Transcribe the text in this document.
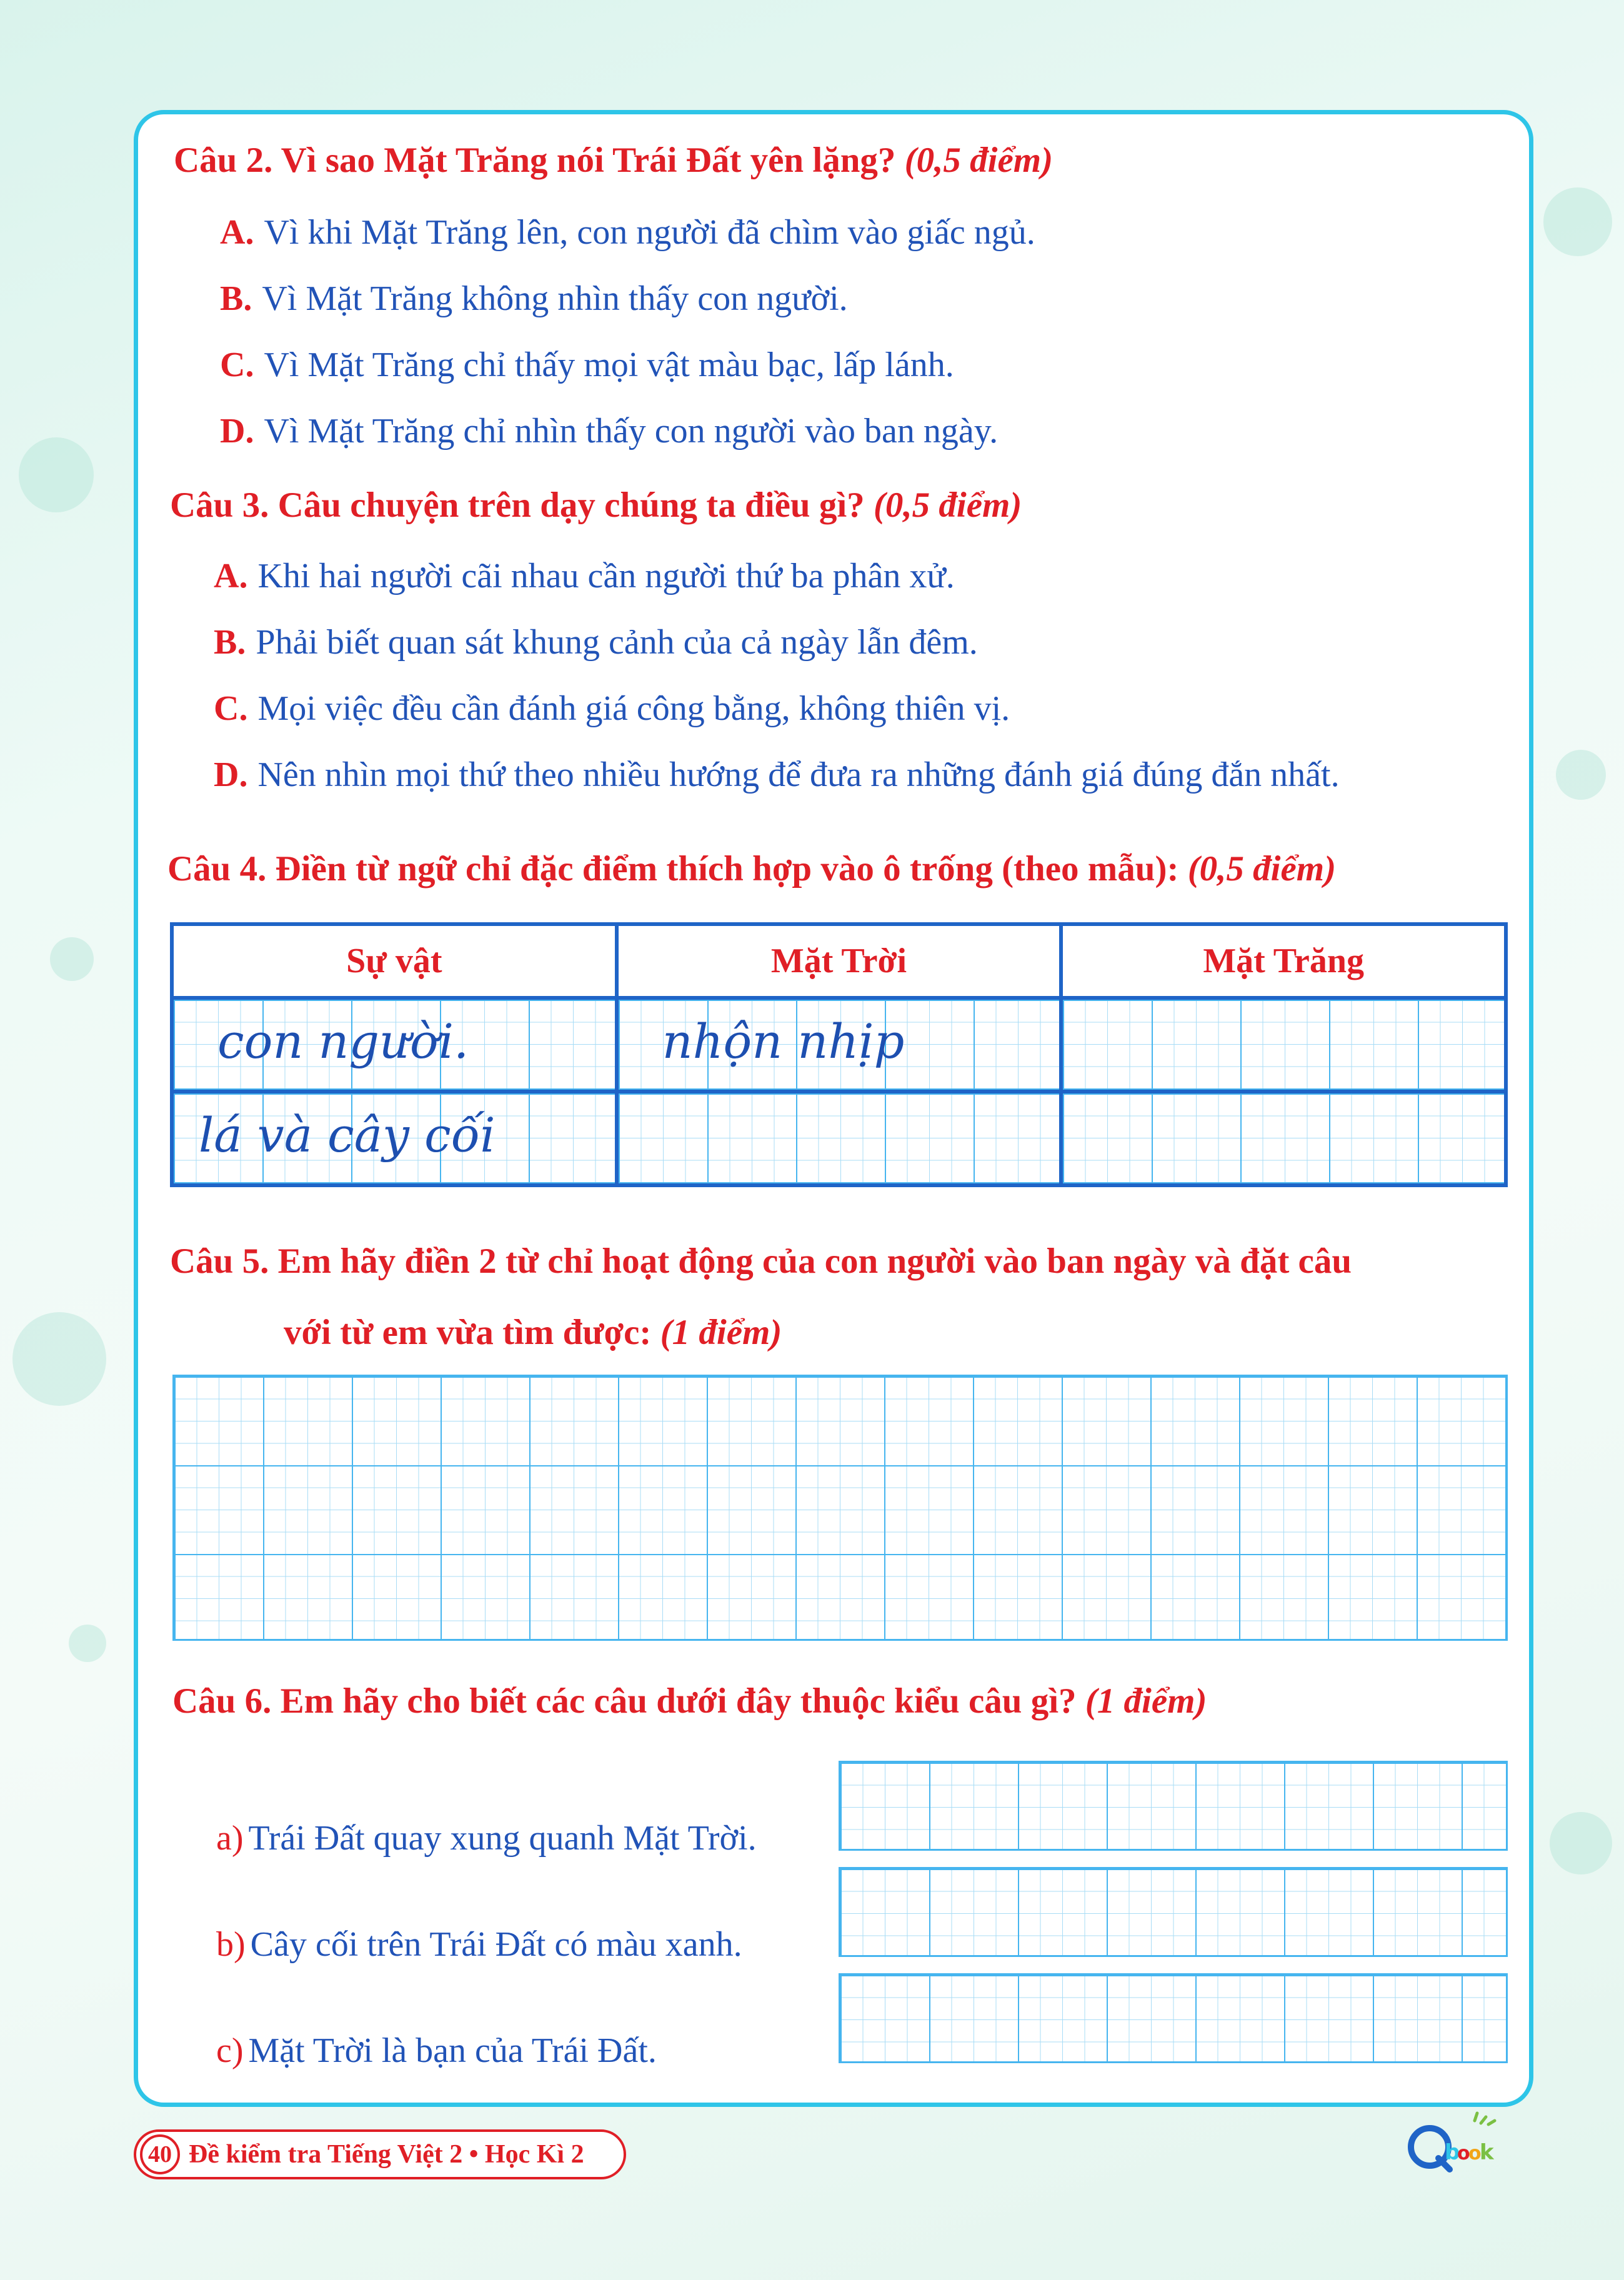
Câu 2. Vì sao Mặt Trăng nói Trái Đất yên lặng? (0,5 điểm)
A. Vì khi Mặt Trăng lên, con người đã chìm vào giấc ngủ.
B. Vì Mặt Trăng không nhìn thấy con người.
C. Vì Mặt Trăng chỉ thấy mọi vật màu bạc, lấp lánh.
D. Vì Mặt Trăng chỉ nhìn thấy con người vào ban ngày.
Câu 3. Câu chuyện trên dạy chúng ta điều gì? (0,5 điểm)
A. Khi hai người cãi nhau cần người thứ ba phân xử.
B. Phải biết quan sát khung cảnh của cả ngày lẫn đêm.
C. Mọi việc đều cần đánh giá công bằng, không thiên vị.
D. Nên nhìn mọi thứ theo nhiều hướng để đưa ra những đánh giá đúng đắn nhất.
Câu 4. Điền từ ngữ chỉ đặc điểm thích hợp vào ô trống (theo mẫu): (0,5 điểm)
Sự vật	Mặt Trời	Mặt Trăng

con người.	nhộn nhịp	

lá và cây cối		

Câu 5. Em hãy điền 2 từ chỉ hoạt động của con người vào ban ngày và đặt câu
với từ em vừa tìm được: (1 điểm)
Câu 6. Em hãy cho biết các câu dưới đây thuộc kiểu câu gì? (1 điểm)
a) Trái Đất quay xung quanh Mặt Trời.
b) Cây cối trên Trái Đất có màu xanh.
c) Mặt Trời là bạn của Trái Đất.
40 Đề kiểm tra Tiếng Việt 2 • Học Kì 2	b
o
o
k
